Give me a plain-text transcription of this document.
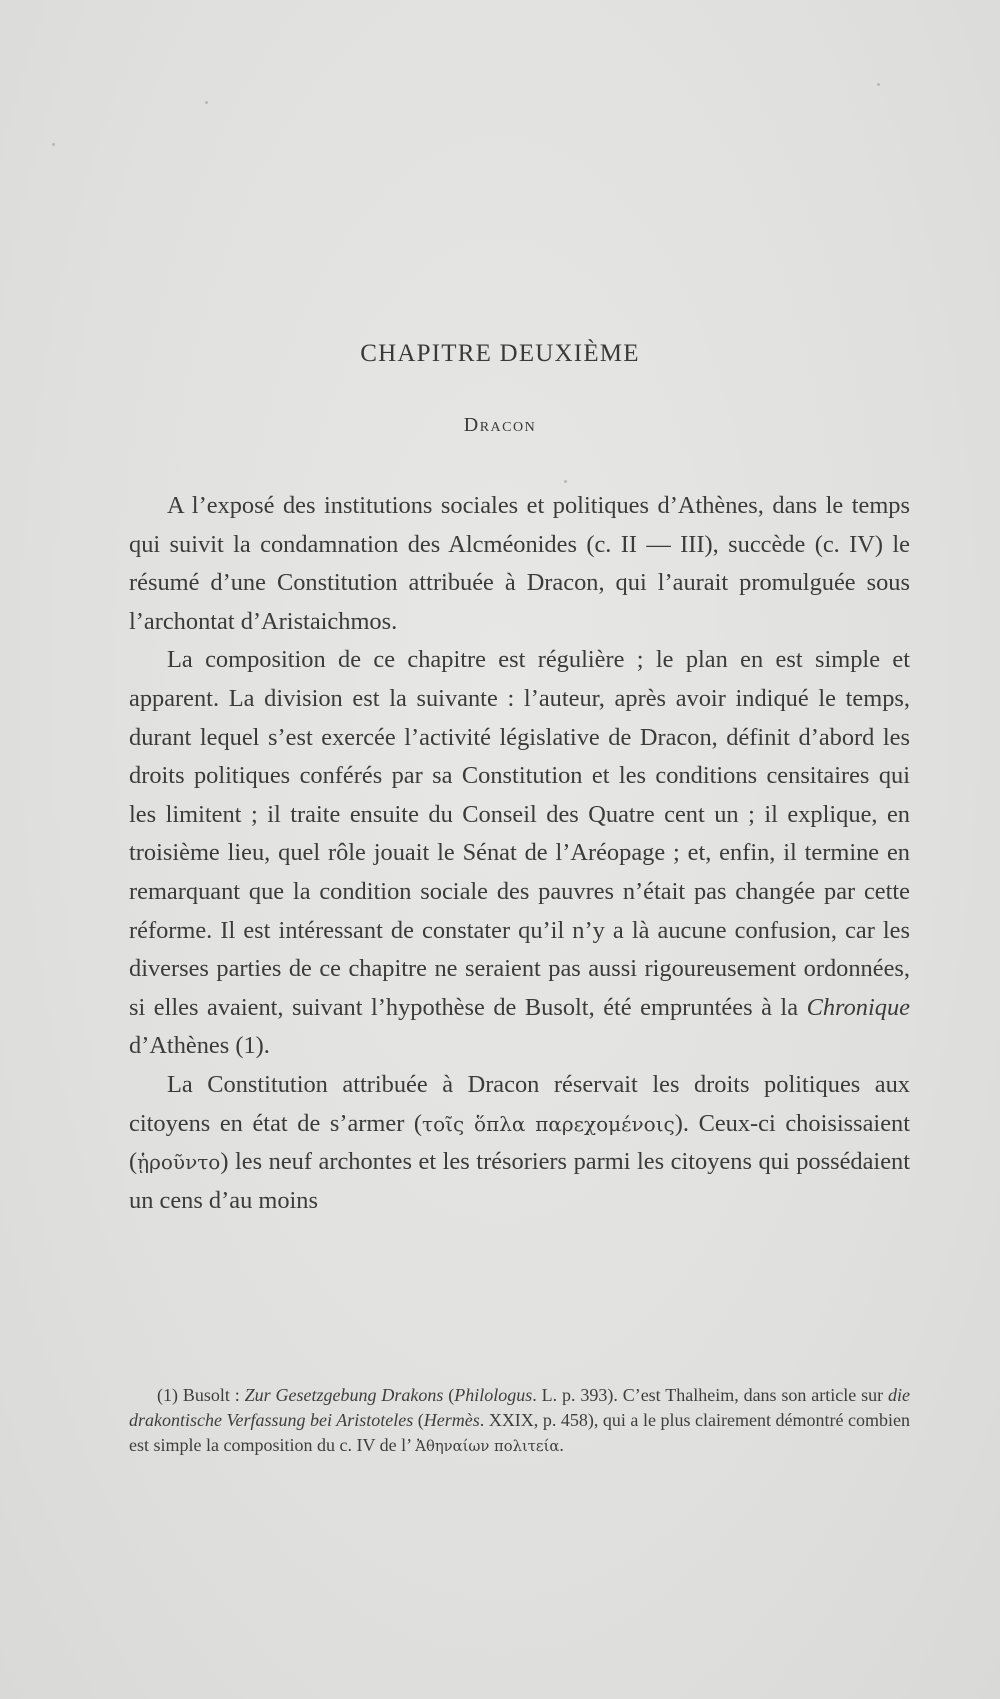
CHAPITRE DEUXIÈME
Dracon

A l’exposé des institutions sociales et politiques d’Athènes, dans le temps qui suivit la condamnation des Alcméonides (c. II — III), succède (c. IV) le résumé d’une Constitution attribuée à Dracon, qui l’aurait promulguée sous l’archontat d’Aristaichmos.

La composition de ce chapitre est régulière ; le plan en est simple et apparent. La division est la suivante : l’auteur, après avoir indiqué le temps, durant lequel s’est exercée l’activité législative de Dracon, définit d’abord les droits politiques conférés par sa Constitution et les conditions censitaires qui les limitent ; il traite ensuite du Conseil des Quatre cent un ; il explique, en troisième lieu, quel rôle jouait le Sénat de l’Aréopage ; et, enfin, il termine en remarquant que la condition sociale des pauvres n’était pas changée par cette réforme. Il est intéressant de constater qu’il n’y a là aucune confusion, car les diverses parties de ce chapitre ne seraient pas aussi rigoureusement ordonnées, si elles avaient, suivant l’hypothèse de Busolt, été empruntées à la Chronique d’Athènes (1).

La Constitution attribuée à Dracon réservait les droits politiques aux citoyens en état de s’armer (τοῖς ὅπλα παρεχομένοις). Ceux-ci choisissaient (ᾑροῦντο) les neuf archontes et les trésoriers parmi les citoyens qui possédaient un cens d’au moins

(1) Busolt : Zur Gesetzgebung Drakons (Philologus. L. p. 393). C’est Thalheim, dans son article sur die drakontische Verfassung bei Aristoteles (Hermès. XXIX, p. 458), qui a le plus clairement démontré combien est simple la composition du c. IV de l’ Ἀθηναίων πολιτεία.
